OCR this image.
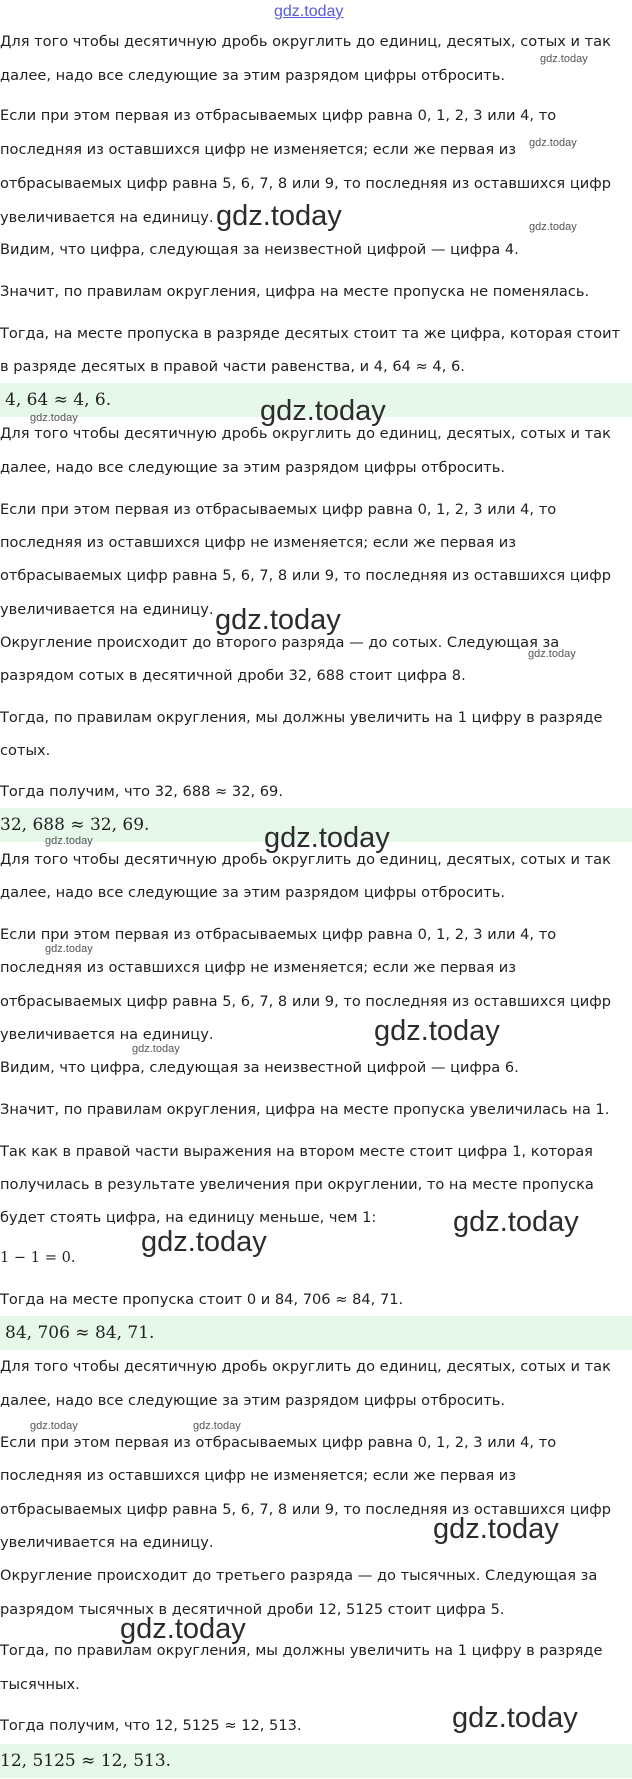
gdz.today
Для того чтобы десятичную дробь округлить до единиц, десятых, сотых и так
далее, надо все следующие за этим разрядом цифры отбросить.
Если при этом первая из отбрасываемых цифр равна 0, 1, 2, 3 или 4, то
последняя из оставшихся цифр не изменяется; если же первая из
отбрасываемых цифр равна 5, 6, 7, 8 или 9, то последняя из оставшихся цифр
увеличивается на единицу.
Видим, что цифра, следующая за неизвестной цифрой — цифра 4.
Значит, по правилам округления, цифра на месте пропуска не поменялась.
Тогда, на месте пропуска в разряде десятых стоит та же цифра, которая стоит
в разряде десятых в правой части равенства, и 4, 64 ≈ 4, 6.
4, 64 ≈ 4, 6.
Для того чтобы десятичную дробь округлить до единиц, десятых, сотых и так
далее, надо все следующие за этим разрядом цифры отбросить.
Если при этом первая из отбрасываемых цифр равна 0, 1, 2, 3 или 4, то
последняя из оставшихся цифр не изменяется; если же первая из
отбрасываемых цифр равна 5, 6, 7, 8 или 9, то последняя из оставшихся цифр
увеличивается на единицу.
Округление происходит до второго разряда — до сотых. Следующая за
разрядом сотых в десятичной дроби 32, 688 стоит цифра 8.
Тогда, по правилам округления, мы должны увеличить на 1 цифру в разряде
сотых.
Тогда получим, что 32, 688 ≈ 32, 69.
32, 688 ≈ 32, 69.
Для того чтобы десятичную дробь округлить до единиц, десятых, сотых и так
далее, надо все следующие за этим разрядом цифры отбросить.
Если при этом первая из отбрасываемых цифр равна 0, 1, 2, 3 или 4, то
последняя из оставшихся цифр не изменяется; если же первая из
отбрасываемых цифр равна 5, 6, 7, 8 или 9, то последняя из оставшихся цифр
увеличивается на единицу.
Видим, что цифра, следующая за неизвестной цифрой — цифра 6.
Значит, по правилам округления, цифра на месте пропуска увеличилась на 1.
Так как в правой части выражения на втором месте стоит цифра 1, которая
получилась в результате увеличения при округлении, то на месте пропуска
будет стоять цифра, на единицу меньше, чем 1:
1 − 1 = 0.
Тогда на месте пропуска стоит 0 и 84, 706 ≈ 84, 71.
84, 706 ≈ 84, 71.
Для того чтобы десятичную дробь округлить до единиц, десятых, сотых и так
далее, надо все следующие за этим разрядом цифры отбросить.
Если при этом первая из отбрасываемых цифр равна 0, 1, 2, 3 или 4, то
последняя из оставшихся цифр не изменяется; если же первая из
отбрасываемых цифр равна 5, 6, 7, 8 или 9, то последняя из оставшихся цифр
увеличивается на единицу.
Округление происходит до третьего разряда — до тысячных. Следующая за
разрядом тысячных в десятичной дроби 12, 5125 стоит цифра 5.
Тогда, по правилам округления, мы должны увеличить на 1 цифру в разряде
тысячных.
Тогда получим, что 12, 5125 ≈ 12, 513.
12, 5125 ≈ 12, 513.
gdz.today
gdz.today
gdz.today	gdz.today
gdz.today
gdz.today
gdz.today
gdz.today
gdz.today	gdz.today
gdz.today
gdz.today
gdz.today
gdz.today
gdz.today
gdz.today	gdz.today
gdz.today
gdz.today
gdz.today
